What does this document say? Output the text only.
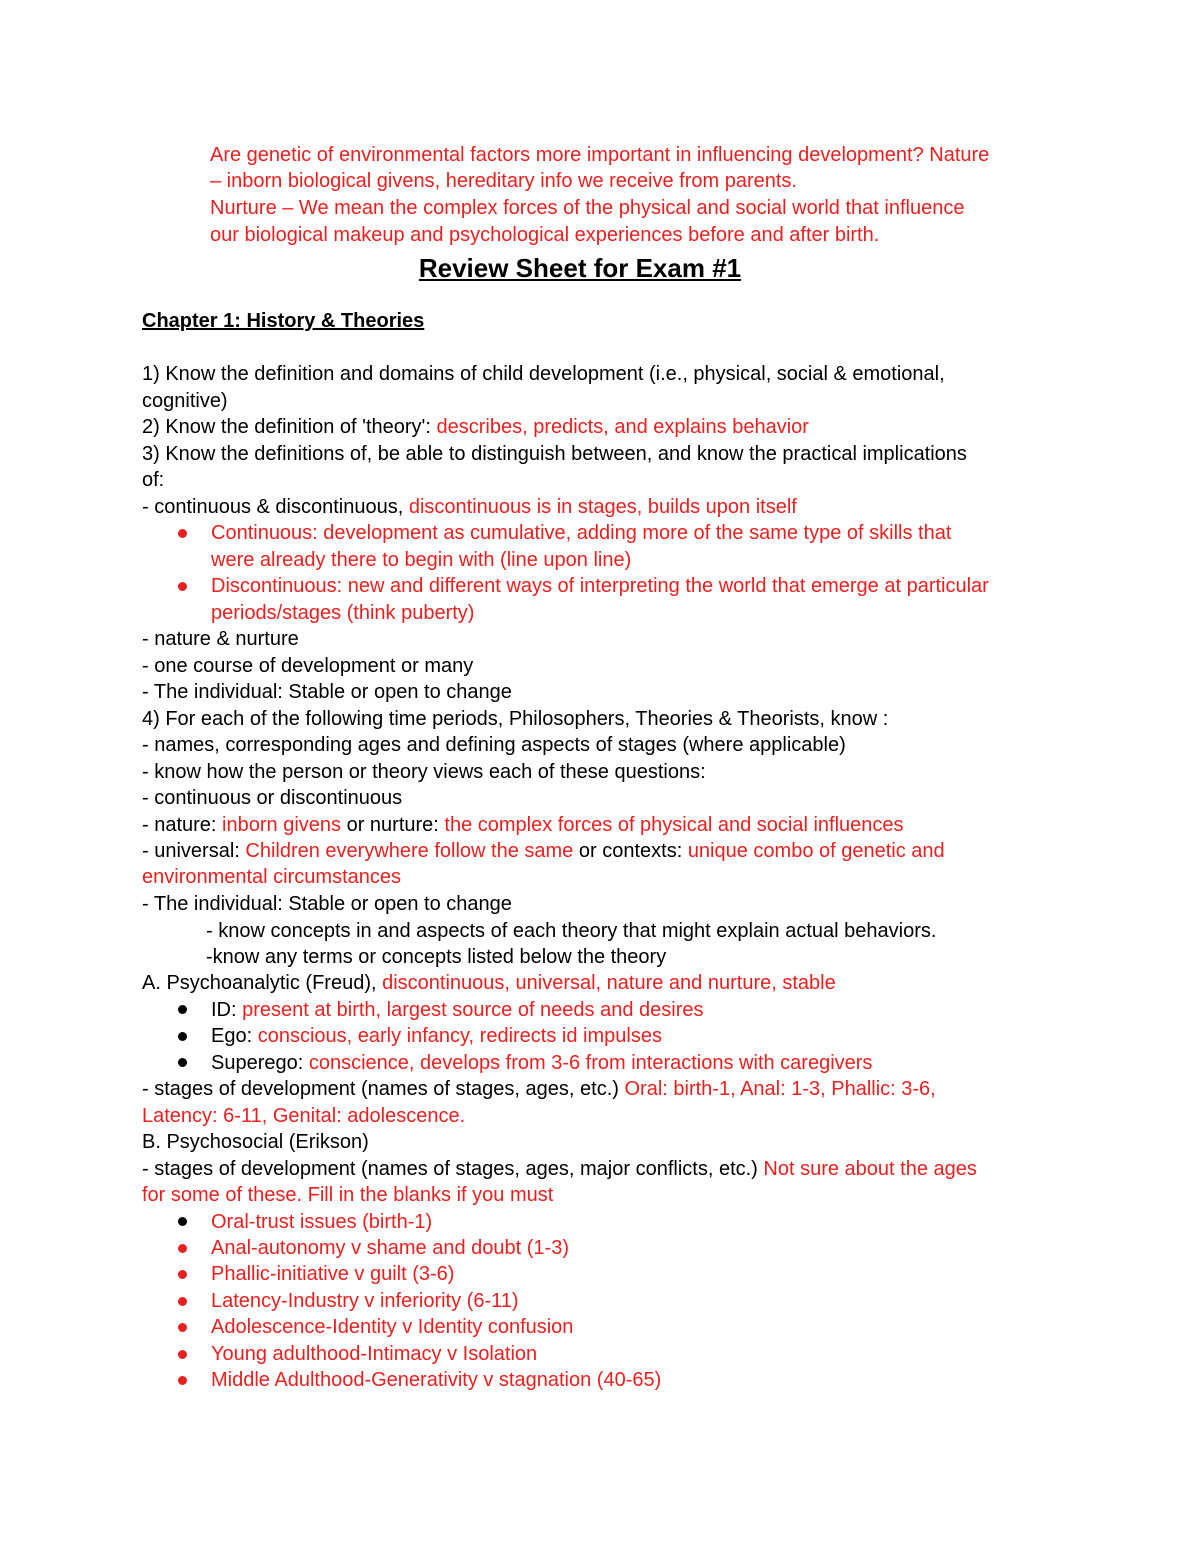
Are genetic of environmental factors more important in influencing development? Nature
– inborn biological givens, hereditary info we receive from parents.
Nurture – We mean the complex forces of the physical and social world that influence
our biological makeup and psychological experiences before and after birth.
Review Sheet for Exam #1
Chapter 1: History & Theories
1) Know the definition and domains of child development (i.e., physical, social & emotional,
cognitive)
2) Know the definition of 'theory': describes, predicts, and explains behavior
3) Know the definitions of, be able to distinguish between, and know the practical implications
of:
- continuous & discontinuous, discontinuous is in stages, builds upon itself
Continuous: development as cumulative, adding more of the same type of skills that
were already there to begin with (line upon line)
Discontinuous: new and different ways of interpreting the world that emerge at particular
periods/stages (think puberty)
- nature & nurture
- one course of development or many
- The individual: Stable or open to change
4) For each of the following time periods, Philosophers, Theories & Theorists, know :
- names, corresponding ages and defining aspects of stages (where applicable)
- know how the person or theory views each of these questions:
- continuous or discontinuous
- nature: inborn givens or nurture: the complex forces of physical and social influences
- universal: Children everywhere follow the same or contexts: unique combo of genetic and
environmental circumstances
- The individual: Stable or open to change
- know concepts in and aspects of each theory that might explain actual behaviors.
-know any terms or concepts listed below the theory
A. Psychoanalytic (Freud), discontinuous, universal, nature and nurture, stable
ID: present at birth, largest source of needs and desires
Ego: conscious, early infancy, redirects id impulses
Superego: conscience, develops from 3-6 from interactions with caregivers
- stages of development (names of stages, ages, etc.) Oral: birth-1, Anal: 1-3, Phallic: 3-6,
Latency: 6-11, Genital: adolescence.
B. Psychosocial (Erikson)
- stages of development (names of stages, ages, major conflicts, etc.) Not sure about the ages
for some of these. Fill in the blanks if you must
Oral-trust issues (birth-1)
Anal-autonomy v shame and doubt (1-3)
Phallic-initiative v guilt (3-6)
Latency-Industry v inferiority (6-11)
Adolescence-Identity v Identity confusion
Young adulthood-Intimacy v Isolation
Middle Adulthood-Generativity v stagnation (40-65)
